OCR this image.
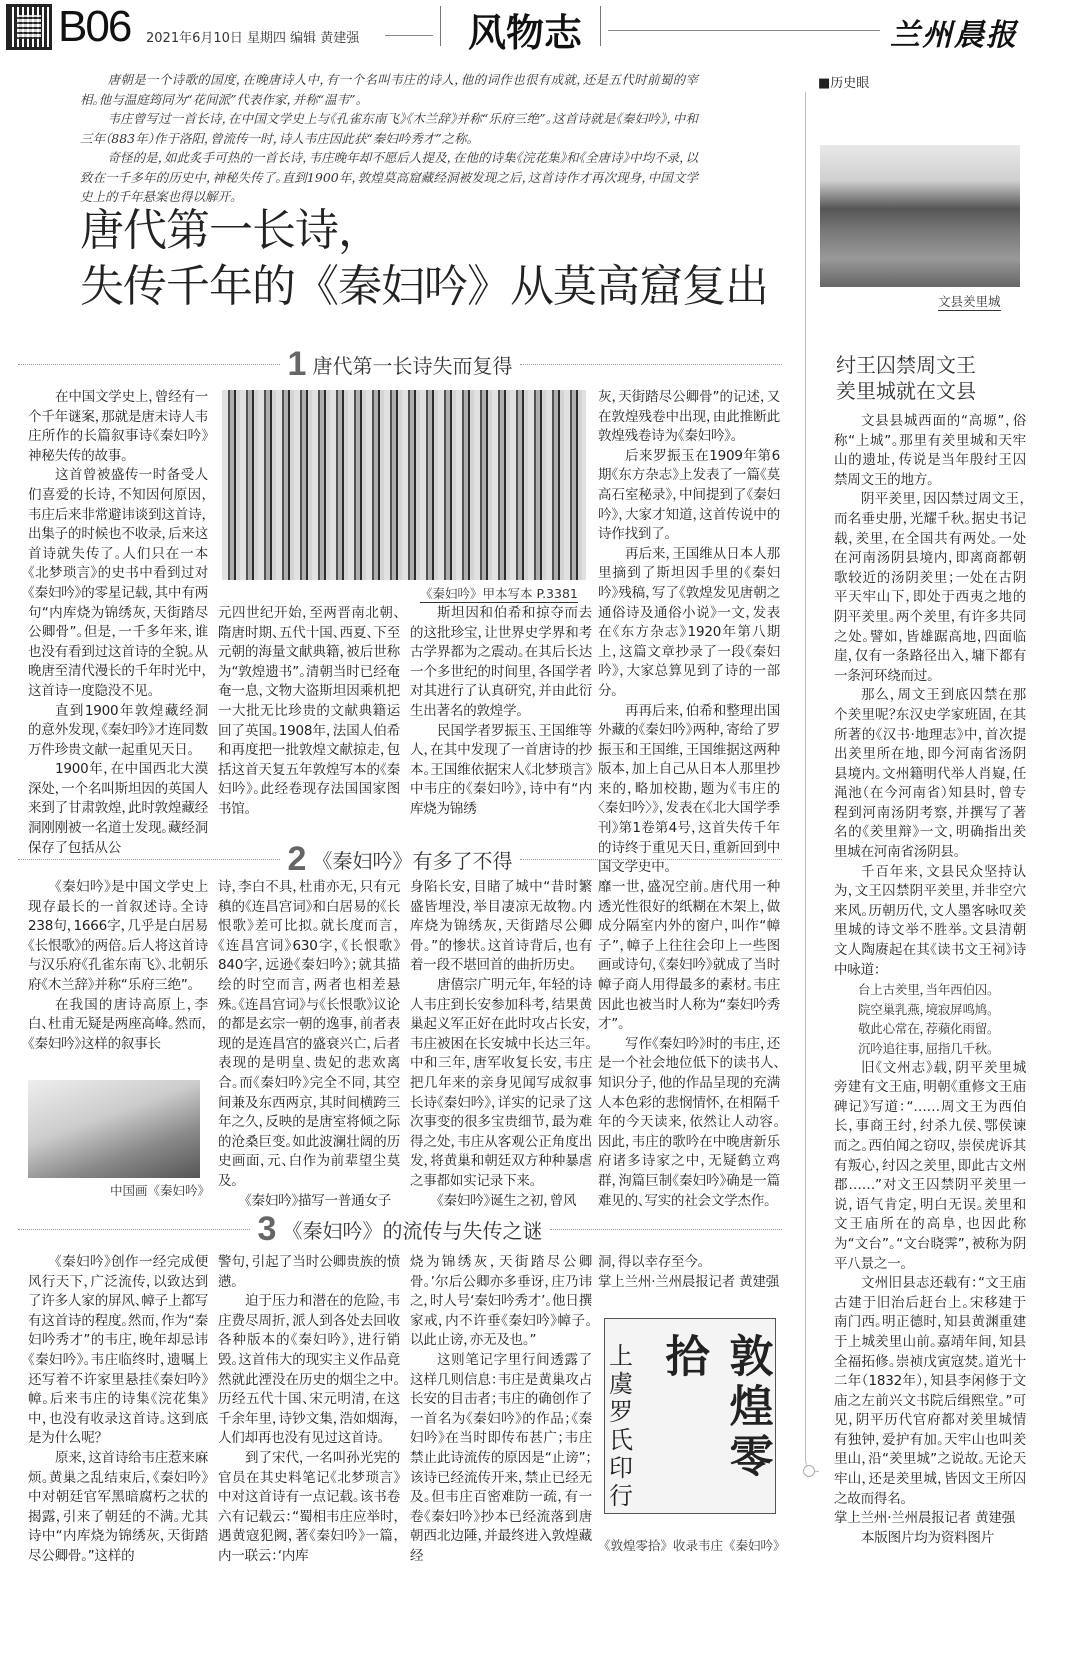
B06 2021年6月10日 星期四 编辑 黄建强	风物志	兰州晨报

唐朝是一个诗歌的国度，在晚唐诗人中，有一个名叫韦庄的诗人，他的词作也很有成就，还是五代时前蜀的宰相。他与温庭筠同为“花间派”代表作家，并称“温韦”。

韦庄曾写过一首长诗，在中国文学史上与《孔雀东南飞》《木兰辞》并称“乐府三绝”。这首诗就是《秦妇吟》，中和三年（883年）作于洛阳，曾流传一时，诗人韦庄因此获“秦妇吟秀才”之称。

奇怪的是，如此炙手可热的一首长诗，韦庄晚年却不愿后人提及，在他的诗集《浣花集》和《全唐诗》中均不录，以致在一千多年的历史中，神秘失传了。直到1900年，敦煌莫高窟藏经洞被发现之后，这首诗作才再次现身，中国文学史上的千年悬案也得以解开。

唐代第一长诗，
失传千年的《秦妇吟》从莫高窟复出
1 唐代第一长诗失而复得

在中国文学史上，曾经有一个千年谜案，那就是唐末诗人韦庄所作的长篇叙事诗《秦妇吟》神秘失传的故事。

这首曾被盛传一时备受人们喜爱的长诗，不知因何原因，韦庄后来非常避讳谈到这首诗，出集子的时候也不收录，后来这首诗就失传了。人们只在一本《北梦琐言》的史书中看到过对《秦妇吟》的零星记载，其中有两句“内库烧为锦绣灰，天街踏尽公卿骨”。但是，一千多年来，谁也没有看到过这首诗的全貌。从晚唐至清代漫长的千年时光中，这首诗一度隐没不见。

直到1900年敦煌藏经洞的意外发现，《秦妇吟》才连同数万件珍贵文献一起重见天日。

1900年，在中国西北大漠深处，一个名叫斯坦因的英国人来到了甘肃敦煌，此时敦煌藏经洞刚刚被一名道士发现。藏经洞保存了包括从公

《秦妇吟》甲本写本 P.3381

元四世纪开始，至两晋南北朝、隋唐时期、五代十国、西夏、下至元朝的海量文献典籍，被后世称为“敦煌遗书”。清朝当时已经奄奄一息，文物大盗斯坦因乘机把一大批无比珍贵的文献典籍运回了英国。1908年，法国人伯希和再度把一批敦煌文献掠走，包括这首天复五年敦煌写本的《秦妇吟》。此经卷现存法国国家图书馆。

斯坦因和伯希和掠夺而去的这批珍宝，让世界史学界和考古学界都为之震动。在其后长达一个多世纪的时间里，各国学者对其进行了认真研究，并由此衍生出著名的敦煌学。

民国学者罗振玉、王国维等人，在其中发现了一首唐诗的抄本。王国维依据宋人《北梦琐言》中韦庄的《秦妇吟》，诗中有“内库烧为锦绣

灰，天街踏尽公卿骨”的记述，又在敦煌残卷中出现，由此推断此敦煌残卷诗为《秦妇吟》。

后来罗振玉在1909年第6期《东方杂志》上发表了一篇《莫高石室秘录》，中间提到了《秦妇吟》，大家才知道，这首传说中的诗作找到了。

再后来，王国维从日本人那里摘到了斯坦因手里的《秦妇吟》残稿，写了《敦煌发见唐朝之通俗诗及通俗小说》一文，发表在《东方杂志》1920年第八期上，这篇文章抄录了一段《秦妇吟》，大家总算见到了诗的一部分。

再再后来，伯希和整理出国外藏的《秦妇吟》两种，寄给了罗振玉和王国维，王国维据这两种版本，加上自己从日本人那里抄来的，略加校勘，题为《韦庄的〈秦妇吟〉》，发表在《北大国学季刊》第1卷第4号，这首失传千年的诗终于重见天日，重新回到中国文学史中。

2 《秦妇吟》有多了不得

《秦妇吟》是中国文学史上现存最长的一首叙述诗。全诗238句，1666字，几乎是白居易《长恨歌》的两倍。后人将这首诗与汉乐府《孔雀东南飞》、北朝乐府《木兰辞》并称“乐府三绝”。

在我国的唐诗高原上，李白、杜甫无疑是两座高峰。然而，《秦妇吟》这样的叙事长

中国画《秦妇吟》

诗，李白不具，杜甫亦无，只有元稹的《连昌宫词》和白居易的《长恨歌》差可比拟。就长度而言，《连昌宫词》630字，《长恨歌》840字，远逊《秦妇吟》；就其描绘的时空而言，两者也相差悬殊。《连昌宫词》与《长恨歌》议论的都是玄宗一朝的逸事，前者表现的是连昌宫的盛衰兴亡，后者表现的是明皇、贵妃的悲欢离合。而《秦妇吟》完全不同，其空间兼及东西两京，其时间横跨三年之久，反映的是唐室将倾之际的沧桑巨变。如此波澜壮阔的历史画面，元、白作为前辈望尘莫及。

《秦妇吟》描写一普通女子

身陷长安，目睹了城中“昔时繁盛皆埋没，举目凄凉无故物。内库烧为锦绣灰，天街踏尽公卿骨。”的惨状。这首诗背后，也有着一段不堪回首的曲折历史。

唐僖宗广明元年，年轻的诗人韦庄到长安参加科考，结果黄巢起义军正好在此时攻占长安，韦庄被困在长安城中长达三年。中和三年，唐军收复长安，韦庄把几年来的亲身见闻写成叙事长诗《秦妇吟》，详实的记录了这次事变的很多宝贵细节，最为难得之处，韦庄从客观公正角度出发，将黄巢和朝廷双方种种暴虐之事都如实记录下来。

《秦妇吟》诞生之初，曾风

靡一世，盛况空前。唐代用一种透光性很好的纸糊在木架上，做成分隔室内外的窗户，叫作“幛子”，幛子上往往会印上一些图画或诗句，《秦妇吟》就成了当时幛子商人用得最多的素材。韦庄因此也被当时人称为“秦妇吟秀才”。

写作《秦妇吟》时的韦庄，还是一个社会地位低下的读书人、知识分子，他的作品呈现的充满人本色彩的悲悯情怀，在相隔千年的今天读来，依然让人动容。因此，韦庄的歌吟在中晚唐新乐府诸多诗家之中，无疑鹤立鸡群，洵篇巨制《秦妇吟》确是一篇难见的、写实的社会文学杰作。

3 《秦妇吟》的流传与失传之谜

《秦妇吟》创作一经完成便风行天下，广泛流传，以致达到了许多人家的屏风、幛子上都写有这首诗的程度。然而，作为“秦妇吟秀才”的韦庄，晚年却忌讳《秦妇吟》。韦庄临终时，遗嘱上还写着不许家里悬挂《秦妇吟》幛。后来韦庄的诗集《浣花集》中，也没有收录这首诗。这到底是为什么呢？

原来，这首诗给韦庄惹来麻烦。黄巢之乱结束后，《秦妇吟》中对朝廷官军黑暗腐朽之状的揭露，引来了朝廷的不满。尤其诗中“内库烧为锦绣灰，天街踏尽公卿骨。”这样的

警句，引起了当时公卿贵族的愤懑。

迫于压力和潜在的危险，韦庄费尽周折，派人到各处去回收各种版本的《秦妇吟》，进行销毁。这首伟大的现实主义作品竟然就此湮没在历史的烟尘之中。历经五代十国、宋元明清，在这千余年里，诗钞文集，浩如烟海，人们却再也没有见过这首诗。

到了宋代，一名叫孙光宪的官员在其史料笔记《北梦琐言》中对这首诗有一点记载。该书卷六有记载云：“蜀相韦庄应举时，遇黄寇犯阙，著《秦妇吟》一篇，内一联云：‘内库

烧为锦绣灰，天街踏尽公卿骨。’尔后公卿亦多垂讶，庄乃讳之，时人号‘秦妇吟秀才’。他日撰家戒，内不许垂《秦妇吟》幛子。以此止谤，亦无及也。”

这则笔记字里行间透露了这样几则信息：韦庄是黄巢攻占长安的目击者；韦庄的确创作了一首名为《秦妇吟》的作品；《秦妇吟》在当时即传布甚广；韦庄禁止此诗流传的原因是“止谤”；该诗已经流传开来，禁止已经无及。但韦庄百密难防一疏，有一卷《秦妇吟》抄本已经流落到唐朝西北边陲，并最终进入敦煌藏经

洞，得以幸存至今。

掌上兰州·兰州晨报记者 黄建强

敦煌零拾
上虞罗氏印行
《敦煌零拾》收录韦庄《秦妇吟》
■历史眼
文县羑里城
纣王囚禁周文王
羑里城就在文县

文县县城西面的“高塬”，俗称“上城”。那里有羑里城和天牢山的遗址，传说是当年殷纣王囚禁周文王的地方。

阴平羑里，因囚禁过周文王，而名垂史册，光耀千秋。据史书记载，羑里，在全国共有两处。一处在河南汤阴县境内，即离商都朝歌较近的汤阴羑里；一处在古阴平天牢山下，即处于西夷之地的阴平羑里。两个羑里，有许多共同之处。譬如，皆雄踞高地，四面临崖，仅有一条路径出入，墉下都有一条河环绕而过。

那么，周文王到底囚禁在那个羑里呢？东汉史学家班固，在其所著的《汉书·地理志》中，首次提出羑里所在地，即今河南省汤阴县境内。文州籍明代举人肖嶷，任渑池（在今河南省）知县时，曾专程到河南汤阴考察，并撰写了著名的《羑里辩》一文，明确指出羑里城在河南省汤阴县。

千百年来，文县民众坚持认为，文王囚禁阴平羑里，并非空穴来风。历朝历代，文人墨客咏叹羑里城的诗文举不胜举。文县清朝文人陶赓起在其《读书文王祠》诗中咏道：

台上古羑里，当年西伯囚。
院空巢乳燕，境寂屏鸣鸠。
敬此心常在，荐蘋化雨留。
沉吟追往事，屈指几千秋。

旧《文州志》载，阴平羑里城旁建有文王庙，明朝《重修文王庙碑记》写道：“……周文王为西伯长，事商王纣，纣杀九侯、鄂侯谏而之。西伯闻之窃叹，崇侯虎诉其有叛心，纣囚之羑里，即此古文州郡……”对文王囚禁阴平羑里一说，语气肯定，明白无误。羑里和文王庙所在的高阜，也因此称为“文台”。“文台晓霁”，被称为阴平八景之一。

文州旧县志还载有：“文王庙古建于旧治后赶台上。宋移建于南门西。明正德时，知县黄渊重建于上城羑里山前。嘉靖年间，知县全福拓修。崇祯戊寅寇焚。道光十二年（1832年），知县李闲修于文庙之左前兴文书院后缉熙堂。”可见，阴平历代官府都对羑里城情有独钟，爱护有加。天牢山也叫羑里山，沿“羑里城”之说故。无论天牢山，还是羑里城，皆因文王所囚之故而得名。

掌上兰州·兰州晨报记者 黄建强

本版图片均为资料图片
